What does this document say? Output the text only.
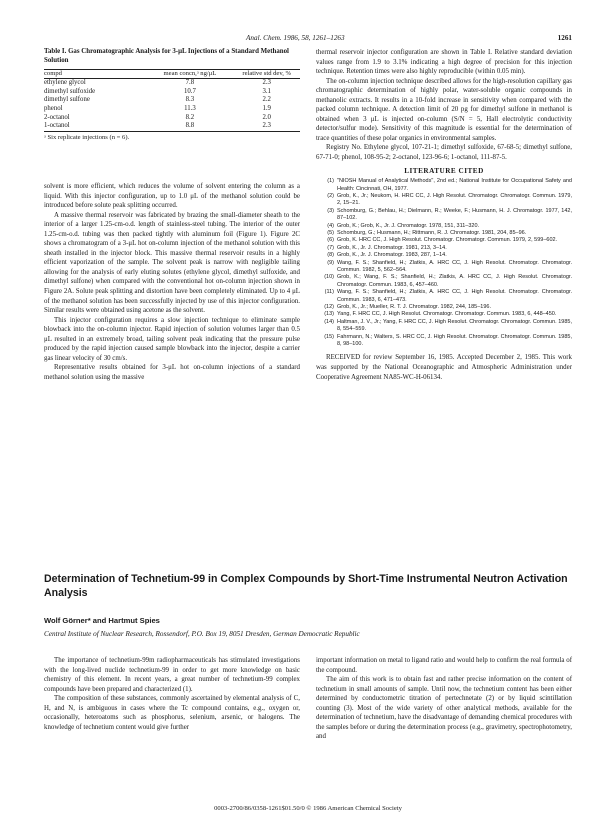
Anal. Chem. 1986, 58, 1261–1263	1261
Table I. Gas Chromatographic Analysis for 3-μL Injections of a Standard Methanol Solution
compd	mean concn,ᵃ ng/μL	relative std dev, %
ethylene glycol	7.8	2.3
dimethyl sulfoxide	10.7	3.1
dimethyl sulfone	8.3	2.2
phenol	11.3	1.9
2-octanol	8.2	2.0
1-octanol	8.8	2.3
ᵃ Six replicate injections (n = 6).

solvent is more efficient, which reduces the volume of solvent entering the column as a liquid. With this injector configuration, up to 1.0 μL of the methanol solution could be introduced before solute peak splitting occurred.

A massive thermal reservoir was fabricated by brazing the small-diameter sheath to the interior of a larger 1.25-cm-o.d. length of stainless-steel tubing. The interior of the outer 1.25-cm-o.d. tubing was then packed tightly with aluminum foil (Figure 1). Figure 2C shows a chromatogram of a 3-μL hot on-column injection of the methanol solution with this sheath installed in the injector block. This massive thermal reservoir results in a highly efficient vaporization of the sample. The solvent peak is narrow with negligible tailing allowing for the analysis of early eluting solutes (ethylene glycol, dimethyl sulfoxide, and dimethyl sulfone) when compared with the conventional hot on-column injection shown in Figure 2A. Solute peak splitting and distortion have been completely eliminated. Up to 4 μL of the methanol solution has been successfully injected by use of this injector configuration. Similar results were obtained using acetone as the solvent.

This injector configuration requires a slow injection technique to eliminate sample blowback into the on-column injector. Rapid injection of solution volumes larger than 0.5 μL resulted in an extremely broad, tailing solvent peak indicating that the pressure pulse produced by the rapid injection caused sample blowback into the injector, despite a carrier gas linear velocity of 30 cm/s.

Representative results obtained for 3-μL hot on-column injections of a standard methanol solution using the massive

thermal reservoir injector configuration are shown in Table I. Relative standard deviation values range from 1.9 to 3.1% indicating a high degree of precision for this injection technique. Retention times were also highly reproducible (within 0.05 min).

The on-column injection technique described allows for the high-resolution capillary gas chromatographic determination of highly polar, water-soluble organic compounds in methanolic extracts. It results in a 10-fold increase in sensitivity when compared with the packed column technique. A detection limit of 20 pg for dimethyl sulfone in methanol is obtained when 3 μL is injected on-column (S/N = 5, Hall electrolytic conductivity detector/sulfur mode). Sensitivity of this magnitude is essential for the determination of trace quantities of these polar organics in environmental samples.

Registry No. Ethylene glycol, 107-21-1; dimethyl sulfoxide, 67-68-5; dimethyl sulfone, 67-71-0; phenol, 108-95-2; 2-octanol, 123-96-6; 1-octanol, 111-87-5.

LITERATURE CITED
(1) "NIOSH Manual of Analytical Methods", 2nd ed.; National Institute for Occupational Safety and Health: Cincinnati, OH, 1977.
(2) Grob, K., Jr.; Neukom, H. HRC CC, J. High Resolut. Chromatogr. Chromatogr. Commun. 1979, 2, 15–21.
(3) Schomburg, G.; Behlau, H.; Dielmann, R.; Weeke, F.; Husmann, H. J. Chromatogr. 1977, 142, 87–102.
(4) Grob, K.; Grob, K., Jr. J. Chromatogr. 1978, 151, 311–320.
(5) Schomburg, G.; Husmann, H.; Rittmann, R. J. Chromatogr. 1981, 204, 85–96.
(6) Grob, K. HRC CC, J. High Resolut. Chromatogr. Chromatogr. Commun. 1979, 2, 599–602.
(7) Grob, K., Jr. J. Chromatogr. 1981, 213, 3–14.
(8) Grob, K., Jr. J. Chromatogr. 1983, 287, 1–14.
(9) Wang, F. S.; Shanfield, H.; Zlatkis, A. HRC CC, J. High Resolut. Chromatogr. Chromatogr. Commun. 1982, 5, 562–564.
(10) Grob, K.; Wang, F. S.; Shanfield, H.; Zlatkis, A. HRC CC, J. High Resolut. Chromatogr. Chromatogr. Commun. 1983, 6, 457–460.
(11) Wang, F. S.; Shanfield, H.; Zlatkis, A. HRC CC, J. High Resolut. Chromatogr. Chromatogr. Commun. 1983, 6, 471–473.
(12) Grob, K., Jr.; Mueller, R. T. J. Chromatogr. 1982, 244, 185–196.
(13) Yang, F. HRC CC, J. High Resolut. Chromatogr. Chromatogr. Commun. 1983, 6, 448–450.
(14) Haltman, J. V., Jr.; Yang, F. HRC CC, J. High Resolut. Chromatogr. Chromatogr. Commun. 1985, 8, 554–559.
(15) Fahrmann, N.; Walters, S. HRC CC, J. High Resolut. Chromatogr. Chromatogr. Commun. 1985, 8, 98–100.
RECEIVED for review September 16, 1985. Accepted December 2, 1985. This work was supported by the National Oceanographic and Atmospheric Administration under Cooperative Agreement NA85-WC-H-06134.
Determination of Technetium-99 in Complex Compounds by Short-Time Instrumental Neutron Activation Analysis
Wolf Görner* and Hartmut Spies
Central Institute of Nuclear Research, Rossendorf, P.O. Box 19, 8051 Dresden, German Democratic Republic

The importance of technetium-99m radiopharmaceuticals has stimulated investigations with the long-lived nuclide technetium-99 in order to get more knowledge on basic chemistry of this element. In recent years, a great number of technetium-99 complex compounds have been prepared and characterized (1).

The composition of these substances, commonly ascertained by elemental analysis of C, H, and N, is ambiguous in cases where the Tc compound contains, e.g., oxygen or, occasionally, heteroatoms such as phosphorus, selenium, arsenic, or halogens. The knowledge of technetium content would give further

important information on metal to ligand ratio and would help to confirm the real formula of the compound.

The aim of this work is to obtain fast and rather precise information on the content of technetium in small amounts of sample. Until now, the technetium content has been either determined by conductometric titration of pertechnetate (2) or by liquid scintillation counting (3). Most of the wide variety of other analytical methods, available for the determination of technetium, have the disadvantage of demanding chemical procedures with the samples before or during the determination process (e.g., gravimetry, spectrophotometry, and

0003-2700/86/0358-1261$01.50/0 © 1986 American Chemical Society
